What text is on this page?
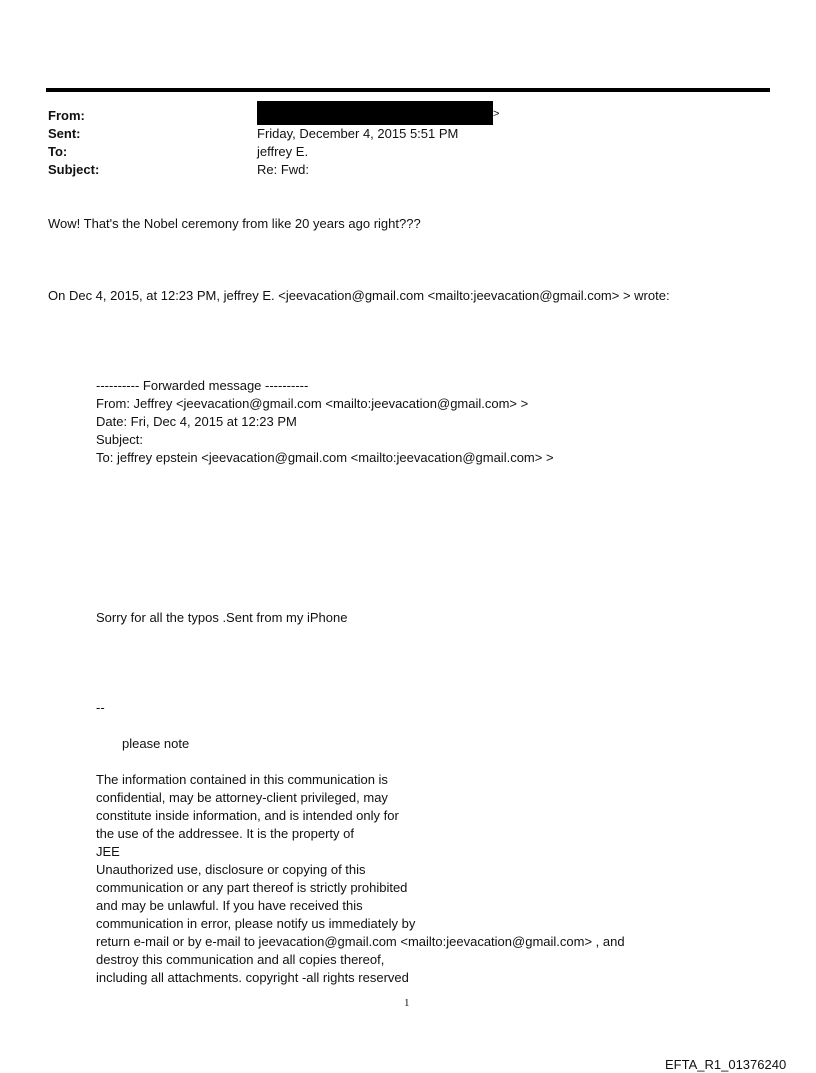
From:
Sent:
To:
Subject:
>
Friday, December 4, 2015 5:51 PM
jeffrey E.
Re: Fwd:
Wow! That's the Nobel ceremony from like 20 years ago right???
On Dec 4, 2015, at 12:23 PM, jeffrey E. <jeevacation@gmail.com <mailto:jeevacation@gmail.com> > wrote:
---------- Forwarded message ----------
From: Jeffrey <jeevacation@gmail.com <mailto:jeevacation@gmail.com> >
Date: Fri, Dec 4, 2015 at 12:23 PM
Subject:
To: jeffrey epstein <jeevacation@gmail.com <mailto:jeevacation@gmail.com> >
Sorry for all the typos .Sent from my iPhone
--
please note
The information contained in this communication is
confidential, may be attorney-client privileged, may
constitute inside information, and is intended only for
the use of the addressee. It is the property of
JEE
Unauthorized use, disclosure or copying of this
communication or any part thereof is strictly prohibited
and may be unlawful. If you have received this
communication in error, please notify us immediately by
return e-mail or by e-mail to jeevacation@gmail.com <mailto:jeevacation@gmail.com> , and
destroy this communication and all copies thereof,
including all attachments. copyright -all rights reserved
1
EFTA_R1_01376240
